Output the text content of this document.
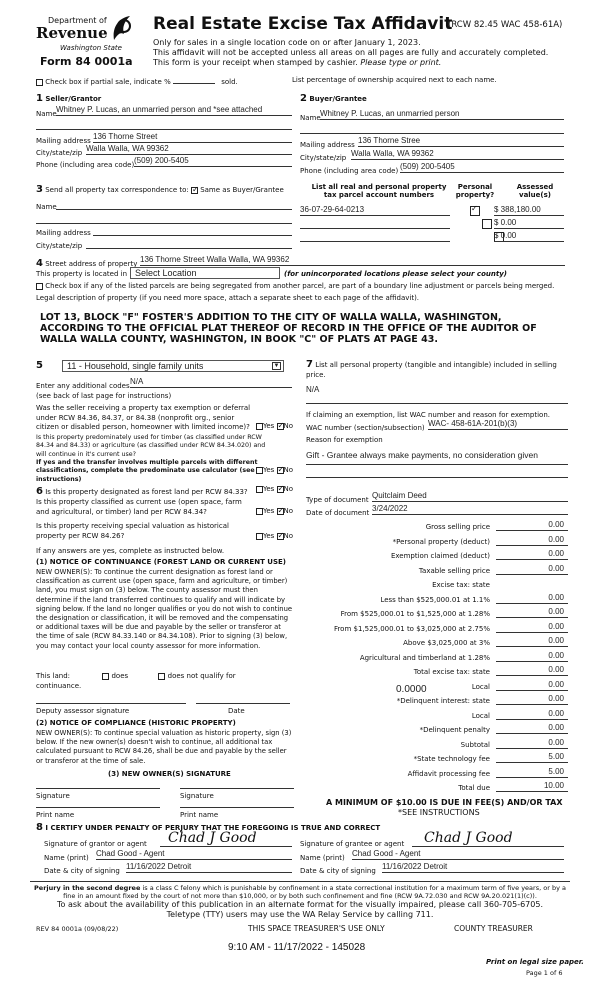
Department of
Revenue
Washington State
Form 84 0001a
Real Estate Excise Tax Affidavit
(RCW 82.45 WAC 458-61A)
Only for sales in a single location code on or after January 1, 2023.
This affidavit will not be accepted unless all areas on all pages are fully and accurately completed.
This form is your receipt when stamped by cashier. Please type or print.
Check box if partial sale, indicate %	sold.	List percentage of ownership acquired next to each name.
1 Seller/Grantor
Name Whitney P. Lucas, an unmarried person and *see attached
Mailing address 136 Thorne Street
City/state/zip Walla Walla, WA 99362
Phone (including area code) (509) 200-5405
2 Buyer/Grantee
Name Whitney P. Lucas, an unmarried person
Mailing address 136 Thorne Stree
City/state/zip Walla Walla, WA 99362
Phone (including area code) (509) 200-5405
3 Send all property tax correspondence to: ✓ Same as Buyer/Grantee
Name
Mailing address
City/state/zip
List all real and personal property tax parcel account numbers
Personal property?
Assessed value(s)
36-07-29-64-0213 ✓	$ 388,180.00

$ 0.00
$ 0.00
4 Street address of property 136 Thorne Street Walla Walla, WA 99362
This property is located in Select Location	(for unincorporated locations please select your county)
Check box if any of the listed parcels are being segregated from another parcel, are part of a boundary line adjustment or parcels being merged.
Legal description of property (if you need more space, attach a separate sheet to each page of the affidavit).
LOT 13, BLOCK "F" FOSTER'S ADDITION TO THE CITY OF WALLA WALLA, WASHINGTON, ACCORDING TO THE OFFICIAL PLAT THEREOF OF RECORD IN THE OFFICE OF THE AUDITOR OF WALLA WALLA COUNTY, WASHINGTON, IN BOOK "C" OF PLATS AT PAGE 43.
5	11 - Household, single family units	▼
Enter any additional codes N/A
(see back of last page for instructions)
Was the seller receiving a property tax exemption or deferral under RCW 84.36, 84.37, or 84.38 (nonprofit org., senior citizen or disabled person, homeowner with limited income)?	Yes ✓ No
Is this property predominately used for timber (as classified under RCW 84.34 and 84.33) or agriculture (as classified under RCW 84.34.020) and will continue in it's current use?
If yes and the transfer involves multiple parcels with different classifications, complete the predominate use calculator (see instructions)
Yes ✓ No
6 Is this property designated as forest land per RCW 84.33?	Yes ✓ No
Is this property classified as current use (open space, farm and agricultural, or timber) land per RCW 84.34?	Yes ✓ No
Is this property receiving special valuation as historical property per RCW 84.26?	Yes ✓ No
If any answers are yes, complete as instructed below.
(1) NOTICE OF CONTINUANCE (FOREST LAND OR CURRENT USE)
NEW OWNER(S): To continue the current designation as forest land or classification as current use (open space, farm and agriculture, or timber) land, you must sign on (3) below. The county assessor must then determine if the land transferred continues to qualify and will indicate by signing below. If the land no longer qualifies or you do not wish to continue the designation or classification, it will be removed and the compensating or additional taxes will be due and payable by the seller or transferor at the time of sale (RCW 84.33.140 or 84.34.108). Prior to signing (3) below, you may contact your local county assessor for more information.
This land:	does	does not qualify for
continuance.
Deputy assessor signature	Date
(2) NOTICE OF COMPLIANCE (HISTORIC PROPERTY)
NEW OWNER(S): To continue special valuation as historic property, sign (3) below. If the new owner(s) doesn't wish to continue, all additional tax calculated pursuant to RCW 84.26, shall be due and payable by the seller or transferor at the time of sale.
(3) NEW OWNER(S) SIGNATURE
Signature	Signature
Print name	Print name
7 List all personal property (tangible and intangible) included in selling price.
N/A
If claiming an exemption, list WAC number and reason for exemption.
WAC number (section/subsection) WAC- 458-61A-201(b)(3)
Reason for exemption
Gift - Grantee always make payments, no consideration given
Type of document Quitclaim Deed
Date of document 3/24/2022
Gross selling price	0.00
*Personal property (deduct)	0.00
Exemption claimed (deduct)	0.00
Taxable selling price	0.00
Excise tax: state
Less than $525,000.01 at 1.1%	0.00
From $525,000.01 to $1,525,000 at 1.28%	0.00
From $1,525,000.01 to $3,025,000 at 2.75%	0.00
Above $3,025,000 at 3%	0.00
Agricultural and timberland at 1.28%	0.00
Total excise tax: state	0.00
Local	0.00
*Delinquent interest: state	0.00
Local	0.00
*Delinquent penalty	0.00
Subtotal	0.00
*State technology fee	5.00
Affidavit processing fee	5.00
Total due	10.00
0.0000
A MINIMUM OF $10.00 IS DUE IN FEE(S) AND/OR TAX
*SEE INSTRUCTIONS
8 I CERTIFY UNDER PENALTY OF PERJURY THAT THE FOREGOING IS TRUE AND CORRECT
Signature of grantor or agent	Chad J Good
Name (print) Chad Good - Agent
Date & city of signing 11/16/2022 Detroit
Signature of grantee or agent	Chad J Good
Name (print) Chad Good - Agent
Date & city of signing 11/16/2022 Detroit
Perjury in the second degree is a class C felony which is punishable by confinement in a state correctional institution for a maximum term of five years, or by a fine in an amount fixed by the court of not more than $10,000, or by both such confinement and fine (RCW 9A.72.030 and RCW 9A.20.021(1)(c)).
To ask about the availability of this publication in an alternate format for the visually impaired, please call 360-705-6705. Teletype (TTY) users may use the WA Relay Service by calling 711.
REV 84 0001a (09/08/22)	THIS SPACE TREASURER'S USE ONLY	COUNTY TREASURER
9:10 AM - 11/17/2022 - 145028
Print on legal size paper.
Page 1 of 6
